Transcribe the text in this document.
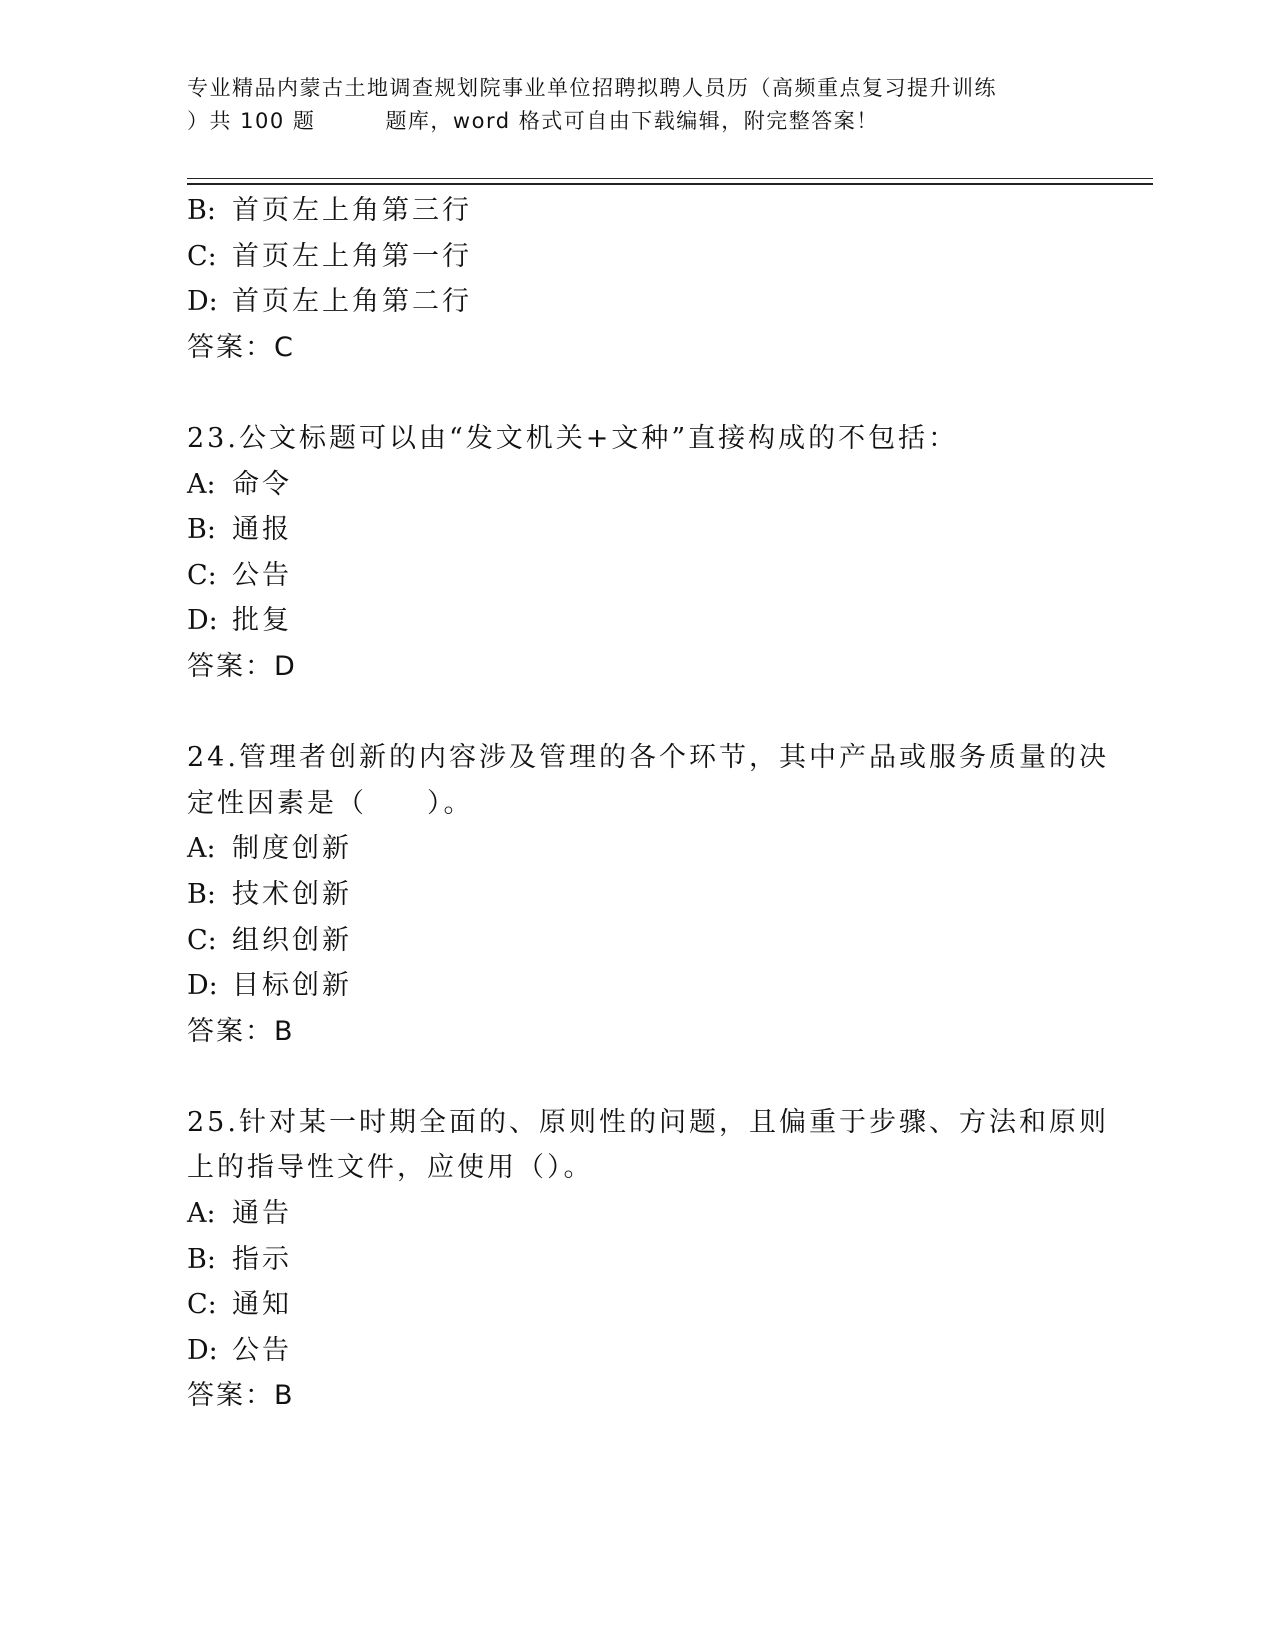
专业精品内蒙古土地调查规划院事业单位招聘拟聘人员历（高频重点复习提升训练
）共 100 题	题库，word 格式可自由下载编辑，附完整答案！
B: 首页左上角第三行
C: 首页左上角第一行
D: 首页左上角第二行
答案：C
23.公文标题可以由“发文机关+文种”直接构成的不包括：
A: 命令
B: 通报
C: 公告
D: 批复
答案：D
24.管理者创新的内容涉及管理的各个环节，其中产品或服务质量的决
定性因素是（　　）。
A: 制度创新
B: 技术创新
C: 组织创新
D: 目标创新
答案：B
25.针对某一时期全面的、原则性的问题，且偏重于步骤、方法和原则
上的指导性文件，应使用（）。
A: 通告
B: 指示
C: 通知
D: 公告
答案：B
